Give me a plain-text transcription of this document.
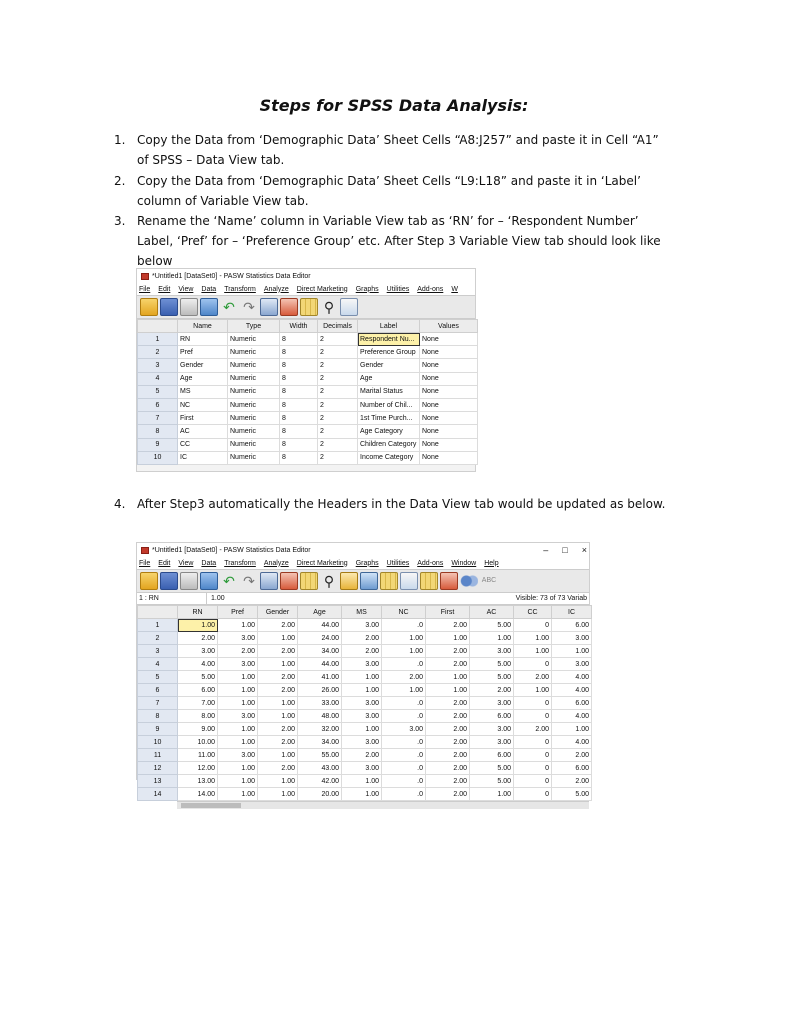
Steps for SPSS Data Analysis:
1. Copy the Data from ‘Demographic Data’ Sheet Cells “A8:J257” and paste it in Cell “A1” of SPSS – Data View tab.
2. Copy the Data from ‘Demographic Data’ Sheet Cells “L9:L18” and paste it in ‘Label’ column of Variable View tab.
3. Rename the ‘Name’ column in Variable View tab as ‘RN’ for – ‘Respondent Number’ Label, ‘Pref’ for – ‘Preference Group’ etc. After Step 3 Variable View tab should look like below
*Untitled1 [DataSet0] - PASW Statistics Data Editor
File Edit View Data Transform Analyze Direct Marketing Graphs Utilities Add-ons W
↶ ↷	⚲
	Name	Type	Width	Decimals	Label	Values
1	RN	Numeric	8	2	Respondent Nu...	None
2	Pref	Numeric	8	2	Preference Group	None
3	Gender	Numeric	8	2	Gender	None
4	Age	Numeric	8	2	Age	None
5	MS	Numeric	8	2	Marital Status	None
6	NC	Numeric	8	2	Number of Chil...	None
7	First	Numeric	8	2	1st Time Purch...	None
8	AC	Numeric	8	2	Age Category	None
9	CC	Numeric	8	2	Children Category	None
10	IC	Numeric	8	2	Income Category	None
4. After Step3 automatically the Headers in the Data View tab would be updated as below.
*Untitled1 [DataSet0] - PASW Statistics Data Editor	– □ ×
File Edit View Data Transform Analyze Direct Marketing Graphs Utilities Add-ons Window Help
↶ ↷	⚲	ABC
1 : RN	1.00	Visible: 73 of 73 Variab
	RN	Pref	Gender	Age	MS	NC	First	AC	CC	IC
1	1.00	1.00	2.00	44.00	3.00	.0	2.00	5.00	0	6.00
2	2.00	3.00	1.00	24.00	2.00	1.00	1.00	1.00	1.00	3.00
3	3.00	2.00	2.00	34.00	2.00	1.00	2.00	3.00	1.00	1.00
4	4.00	3.00	1.00	44.00	3.00	.0	2.00	5.00	0	3.00
5	5.00	1.00	2.00	41.00	1.00	2.00	1.00	5.00	2.00	4.00
6	6.00	1.00	2.00	26.00	1.00	1.00	1.00	2.00	1.00	4.00
7	7.00	1.00	1.00	33.00	3.00	.0	2.00	3.00	0	6.00
8	8.00	3.00	1.00	48.00	3.00	.0	2.00	6.00	0	4.00
9	9.00	1.00	2.00	32.00	1.00	3.00	2.00	3.00	2.00	1.00
10	10.00	1.00	2.00	34.00	3.00	.0	2.00	3.00	0	4.00
11	11.00	3.00	1.00	55.00	2.00	.0	2.00	6.00	0	2.00
12	12.00	1.00	2.00	43.00	3.00	.0	2.00	5.00	0	6.00
13	13.00	1.00	1.00	42.00	1.00	.0	2.00	5.00	0	2.00
14	14.00	1.00	1.00	20.00	1.00	.0	2.00	1.00	0	5.00
